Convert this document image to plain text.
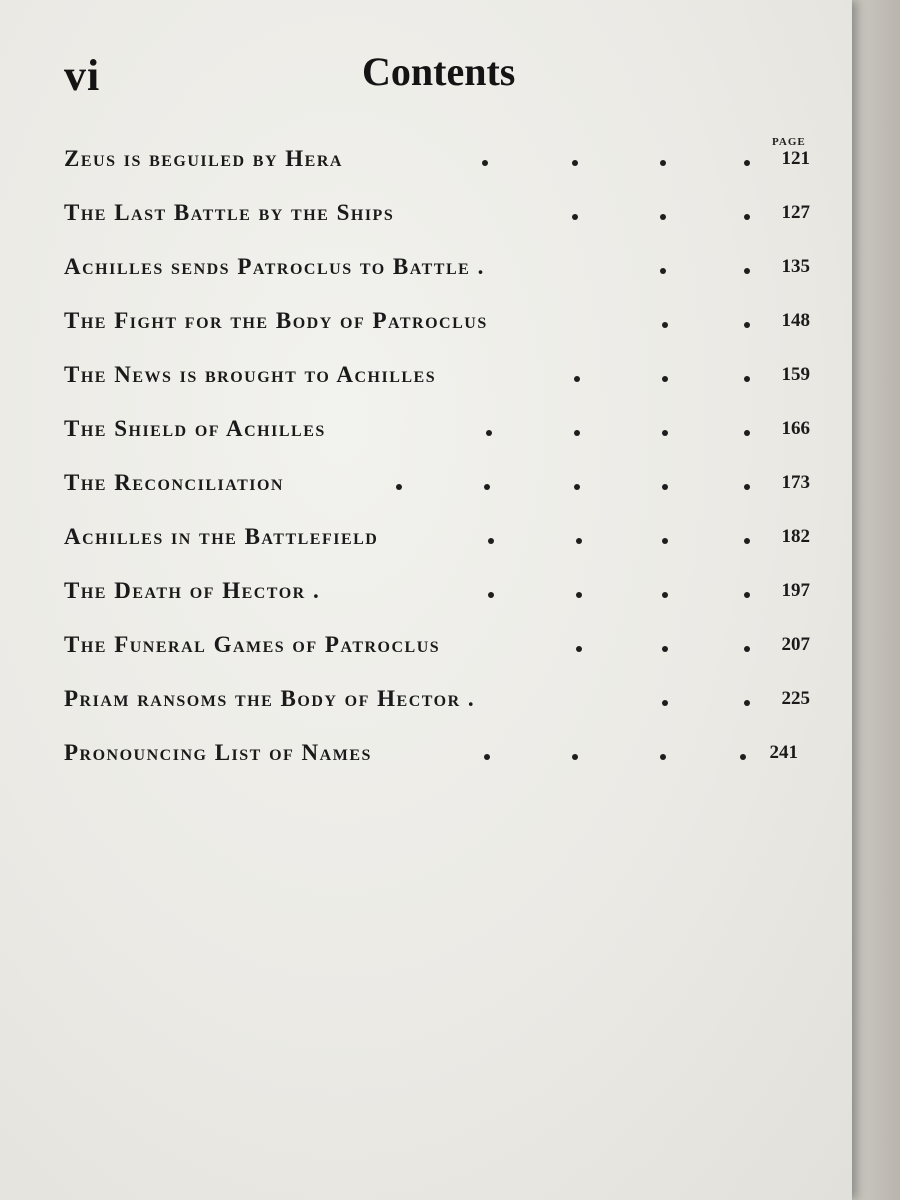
vi	Contents
PAGE
Zeus is beguiled by Hera	121
The Last Battle by the Ships	127
Achilles sends Patroclus to Battle .	135
The Fight for the Body of Patroclus	148
The News is brought to Achilles	159
The Shield of Achilles	166
The Reconciliation	173
Achilles in the Battlefield	182
The Death of Hector .	197
The Funeral Games of Patroclus	207
Priam ransoms the Body of Hector .	225
Pronouncing List of Names	241
